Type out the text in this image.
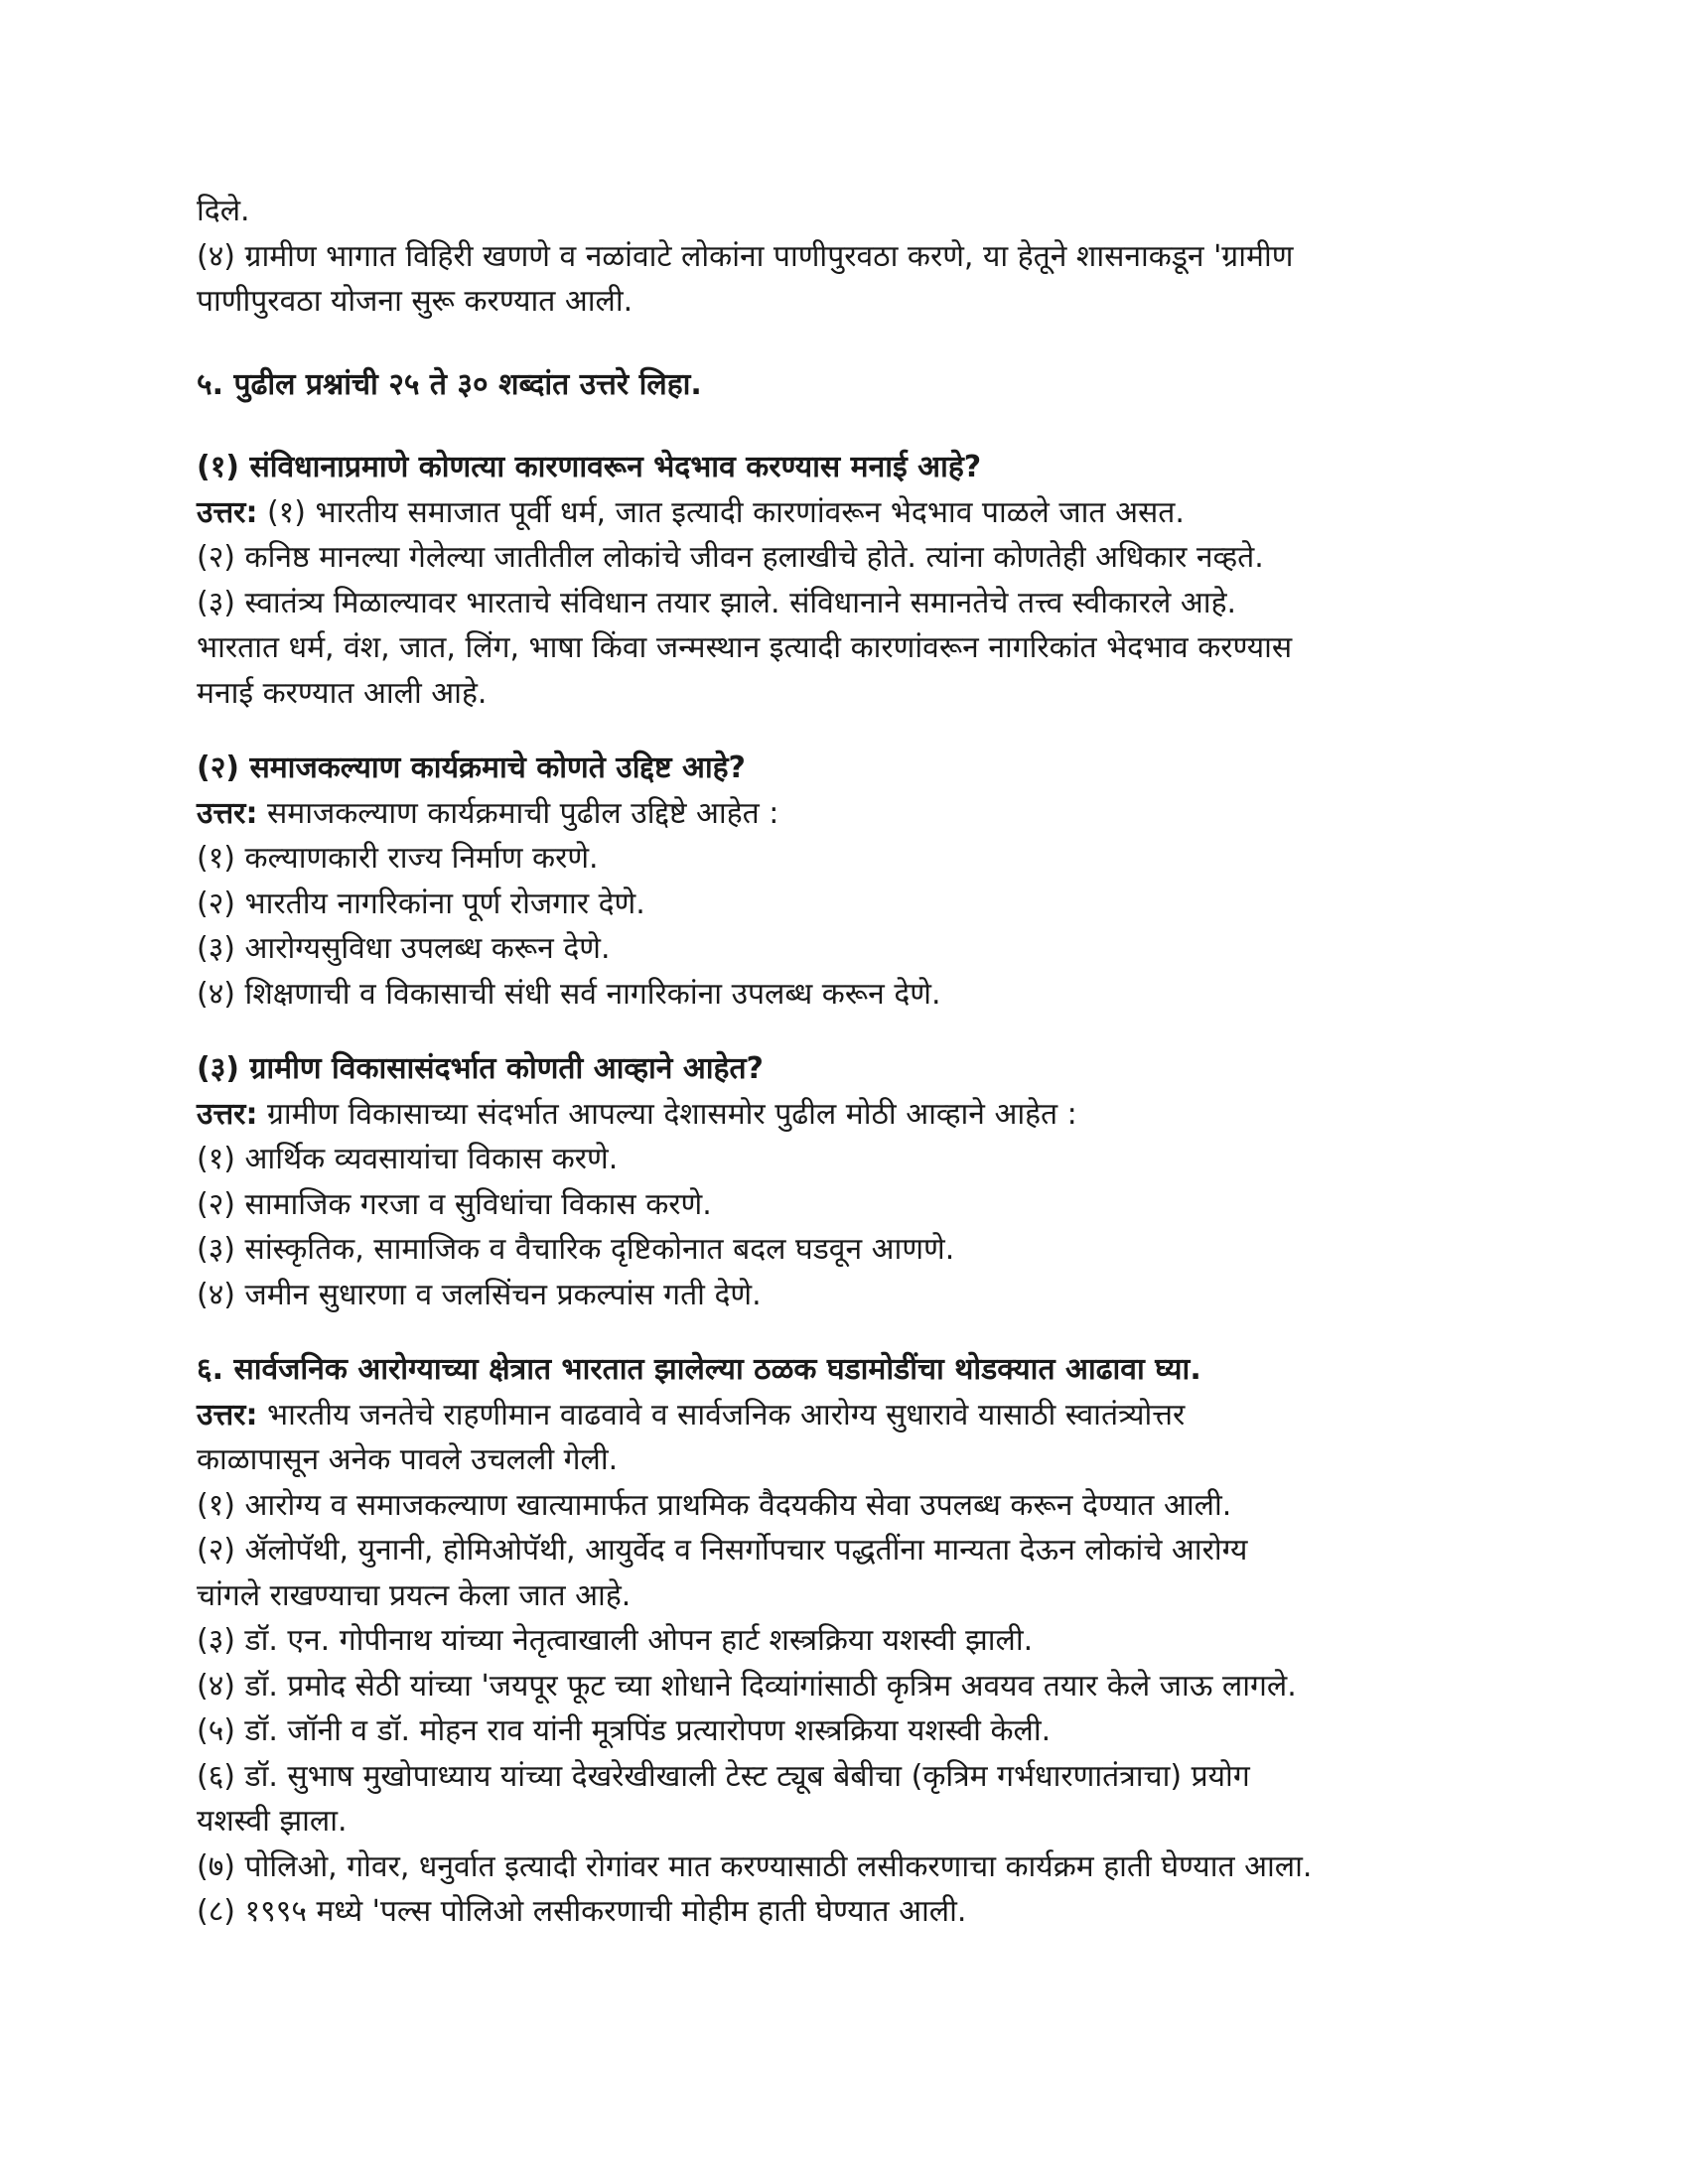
दिले.
(४) ग्रामीण भागात विहिरी खणणे व नळांवाटे लोकांना पाणीपुरवठा करणे, या हेतूने शासनाकडून 'ग्रामीण
पाणीपुरवठा योजना सुरू करण्यात आली.
५. पुढील प्रश्नांची २५ ते ३० शब्दांत उत्तरे लिहा.
(१) संविधानाप्रमाणे कोणत्या कारणावरून भेदभाव करण्यास मनाई आहे?
उत्तर: (१) भारतीय समाजात पूर्वी धर्म, जात इत्यादी कारणांवरून भेदभाव पाळले जात असत.
(२) कनिष्ठ मानल्या गेलेल्या जातीतील लोकांचे जीवन हलाखीचे होते. त्यांना कोणतेही अधिकार नव्हते.
(३) स्वातंत्र्य मिळाल्यावर भारताचे संविधान तयार झाले. संविधानाने समानतेचे तत्त्व स्वीकारले आहे.
भारतात धर्म, वंश, जात, लिंग, भाषा किंवा जन्मस्थान इत्यादी कारणांवरून नागरिकांत भेदभाव करण्यास
मनाई करण्यात आली आहे.
(२) समाजकल्याण कार्यक्रमाचे कोणते उद्दिष्ट आहे?
उत्तर: समाजकल्याण कार्यक्रमाची पुढील उद्दिष्टे आहेत :
(१) कल्याणकारी राज्य निर्माण करणे.
(२) भारतीय नागरिकांना पूर्ण रोजगार देणे.
(३) आरोग्यसुविधा उपलब्ध करून देणे.
(४) शिक्षणाची व विकासाची संधी सर्व नागरिकांना उपलब्ध करून देणे.
(३) ग्रामीण विकासासंदर्भात कोणती आव्हाने आहेत?
उत्तर: ग्रामीण विकासाच्या संदर्भात आपल्या देशासमोर पुढील मोठी आव्हाने आहेत :
(१) आर्थिक व्यवसायांचा विकास करणे.
(२) सामाजिक गरजा व सुविधांचा विकास करणे.
(३) सांस्कृतिक, सामाजिक व वैचारिक दृष्टिकोनात बदल घडवून आणणे.
(४) जमीन सुधारणा व जलसिंचन प्रकल्पांस गती देणे.
६. सार्वजनिक आरोग्याच्या क्षेत्रात भारतात झालेल्या ठळक घडामोडींचा थोडक्यात आढावा घ्या.
उत्तर: भारतीय जनतेचे राहणीमान वाढवावे व सार्वजनिक आरोग्य सुधारावे यासाठी स्वातंत्र्योत्तर
काळापासून अनेक पावले उचलली गेली.
(१) आरोग्य व समाजकल्याण खात्यामार्फत प्राथमिक वैदयकीय सेवा उपलब्ध करून देण्यात आली.
(२) ॲलोपॅथी, युनानी, होमिओपॅथी, आयुर्वेद व निसर्गोपचार पद्धतींना मान्यता देऊन लोकांचे आरोग्य
चांगले राखण्याचा प्रयत्न केला जात आहे.
(३) डॉ. एन. गोपीनाथ यांच्या नेतृत्वाखाली ओपन हार्ट शस्त्रक्रिया यशस्वी झाली.
(४) डॉ. प्रमोद सेठी यांच्या 'जयपूर फूट च्या शोधाने दिव्यांगांसाठी कृत्रिम अवयव तयार केले जाऊ लागले.
(५) डॉ. जॉनी व डॉ. मोहन राव यांनी मूत्रपिंड प्रत्यारोपण शस्त्रक्रिया यशस्वी केली.
(६) डॉ. सुभाष मुखोपाध्याय यांच्या देखरेखीखाली टेस्ट ट्यूब बेबीचा (कृत्रिम गर्भधारणातंत्राचा) प्रयोग
यशस्वी झाला.
(७) पोलिओ, गोवर, धनुर्वात इत्यादी रोगांवर मात करण्यासाठी लसीकरणाचा कार्यक्रम हाती घेण्यात आला.
(८) १९९५ मध्ये 'पल्स पोलिओ लसीकरणाची मोहीम हाती घेण्यात आली.
